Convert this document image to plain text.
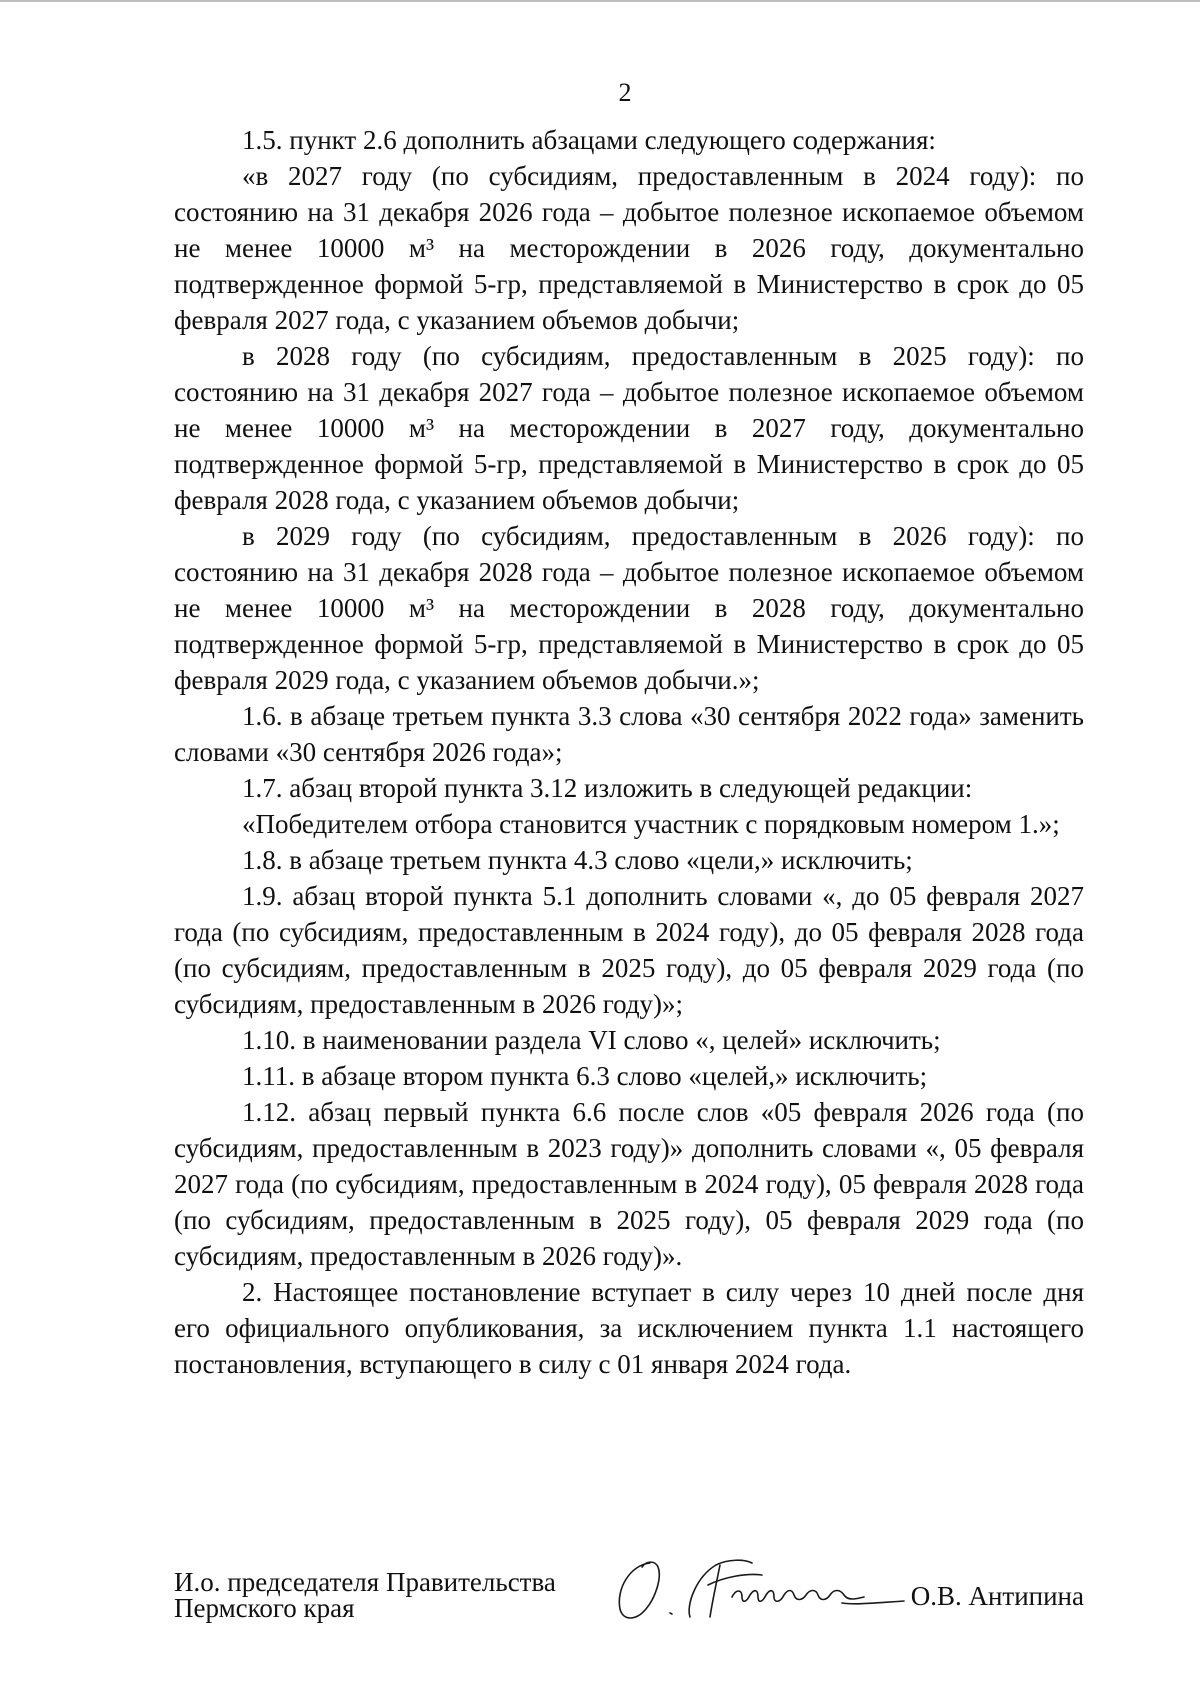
2

1.5. пункт 2.6 дополнить абзацами следующего содержания:

«в 2027 году (по субсидиям, предоставленным в 2024 году): по состоянию на 31 декабря 2026 года – добытое полезное ископаемое объемом не менее 10000 м³ на месторождении в 2026 году, документально подтвержденное формой 5-гр, представляемой в Министерство в срок до 05 февраля 2027 года, с указанием объемов добычи;

в 2028 году (по субсидиям, предоставленным в 2025 году): по состоянию на 31 декабря 2027 года – добытое полезное ископаемое объемом не менее 10000 м³ на месторождении в 2027 году, документально подтвержденное формой 5-гр, представляемой в Министерство в срок до 05 февраля 2028 года, с указанием объемов добычи;

в 2029 году (по субсидиям, предоставленным в 2026 году): по состоянию на 31 декабря 2028 года – добытое полезное ископаемое объемом не менее 10000 м³ на месторождении в 2028 году, документально подтвержденное формой 5-гр, представляемой в Министерство в срок до 05 февраля 2029 года, с указанием объемов добычи.»;

1.6. в абзаце третьем пункта 3.3 слова «30 сентября 2022 года» заменить словами «30 сентября 2026 года»;

1.7. абзац второй пункта 3.12 изложить в следующей редакции:

«Победителем отбора становится участник с порядковым номером 1.»;

1.8. в абзаце третьем пункта 4.3 слово «цели,» исключить;

1.9. абзац второй пункта 5.1 дополнить словами «, до 05 февраля 2027 года (по субсидиям, предоставленным в 2024 году), до 05 февраля 2028 года (по субсидиям, предоставленным в 2025 году), до 05 февраля 2029 года (по субсидиям, предоставленным в 2026 году)»;

1.10. в наименовании раздела VI слово «, целей» исключить;

1.11. в абзаце втором пункта 6.3 слово «целей,» исключить;

1.12. абзац первый пункта 6.6 после слов «05 февраля 2026 года (по субсидиям, предоставленным в 2023 году)» дополнить словами «, 05 февраля 2027 года (по субсидиям, предоставленным в 2024 году), 05 февраля 2028 года (по субсидиям, предоставленным в 2025 году), 05 февраля 2029 года (по субсидиям, предоставленным в 2026 году)».

2. Настоящее постановление вступает в силу через 10 дней после дня его официального опубликования, за исключением пункта 1.1 настоящего постановления, вступающего в силу с 01 января 2024 года.

И.о. председателя Правительства
Пермского края	О.В. Антипина
